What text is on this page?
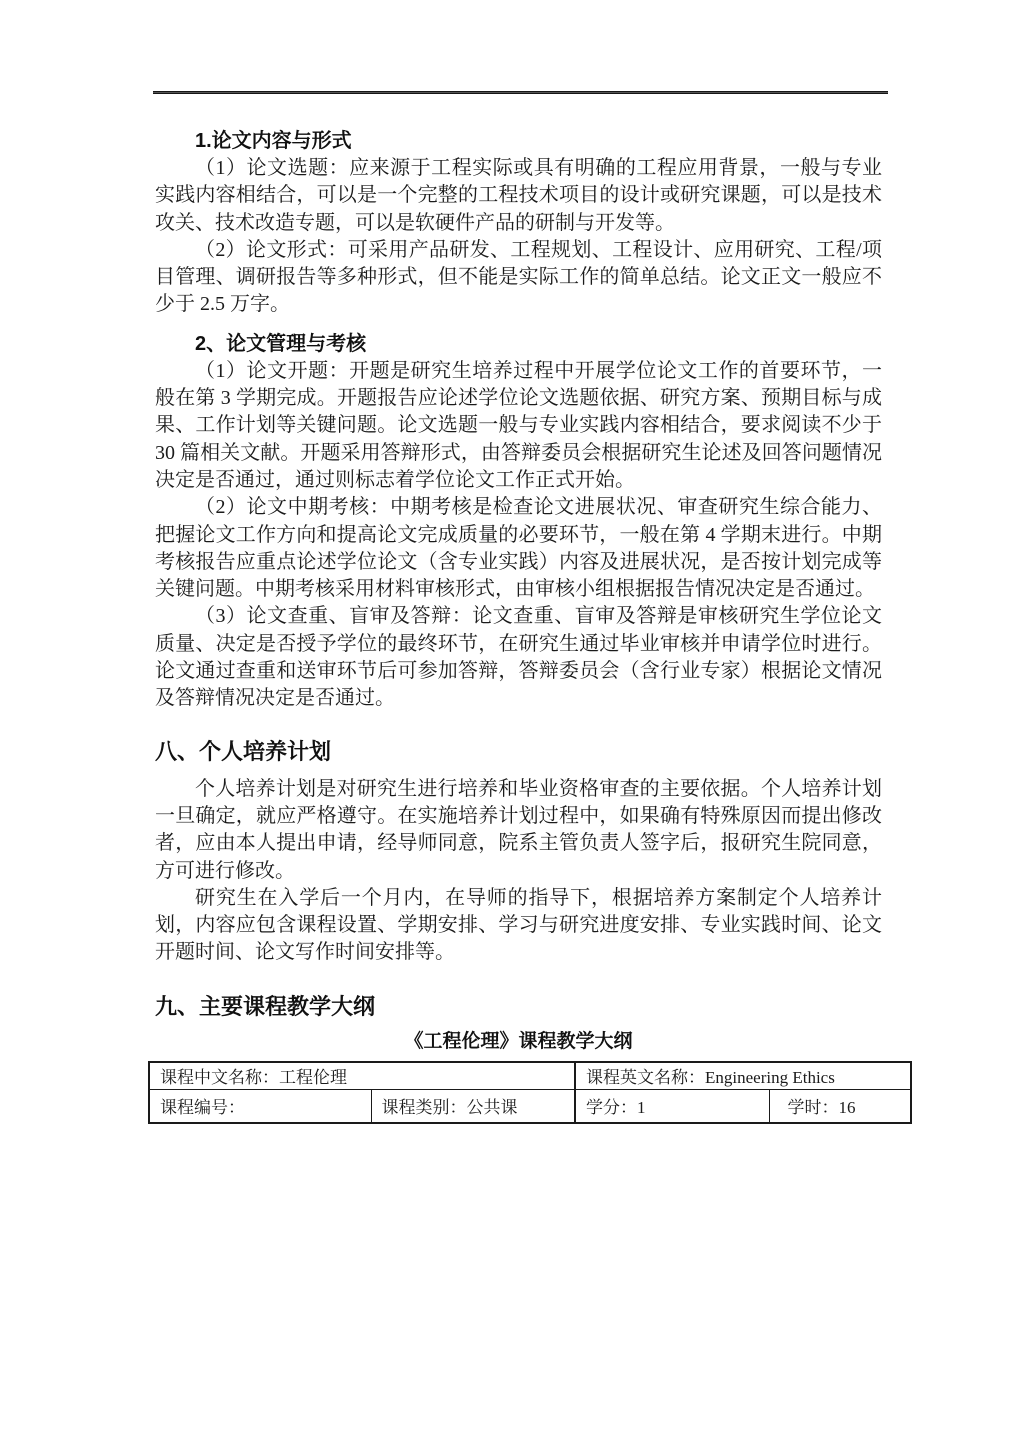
1.论文内容与形式

（1）论文选题：应来源于工程实际或具有明确的工程应用背景，一般与专业实践内容相结合，可以是一个完整的工程技术项目的设计或研究课题，可以是技术攻关、技术改造专题，可以是软硬件产品的研制与开发等。

（2）论文形式：可采用产品研发、工程规划、工程设计、应用研究、工程/项目管理、调研报告等多种形式，但不能是实际工作的简单总结。论文正文一般应不少于 2.5 万字。

2、论文管理与考核

（1）论文开题：开题是研究生培养过程中开展学位论文工作的首要环节，一般在第 3 学期完成。开题报告应论述学位论文选题依据、研究方案、预期目标与成果、工作计划等关键问题。论文选题一般与专业实践内容相结合，要求阅读不少于 30 篇相关文献。开题采用答辩形式，由答辩委员会根据研究生论述及回答问题情况决定是否通过，通过则标志着学位论文工作正式开始。

（2）论文中期考核：中期考核是检查论文进展状况、审查研究生综合能力、把握论文工作方向和提高论文完成质量的必要环节，一般在第 4 学期末进行。中期考核报告应重点论述学位论文（含专业实践）内容及进展状况，是否按计划完成等关键问题。中期考核采用材料审核形式，由审核小组根据报告情况决定是否通过。

（3）论文查重、盲审及答辩：论文查重、盲审及答辩是审核研究生学位论文质量、决定是否授予学位的最终环节，在研究生通过毕业审核并申请学位时进行。论文通过查重和送审环节后可参加答辩，答辩委员会（含行业专家）根据论文情况及答辩情况决定是否通过。

八、个人培养计划

个人培养计划是对研究生进行培养和毕业资格审查的主要依据。个人培养计划一旦确定，就应严格遵守。在实施培养计划过程中，如果确有特殊原因而提出修改者，应由本人提出申请，经导师同意，院系主管负责人签字后，报研究生院同意，方可进行修改。

研究生在入学后一个月内，在导师的指导下，根据培养方案制定个人培养计划，内容应包含课程设置、学期安排、学习与研究进度安排、专业实践时间、论文开题时间、论文写作时间安排等。

九、主要课程教学大纲
《工程伦理》课程教学大纲
课程中文名称：工程伦理		课程英文名称：Engineering Ethics	
课程编号：	课程类别：公共课	学分：1	学时：16
